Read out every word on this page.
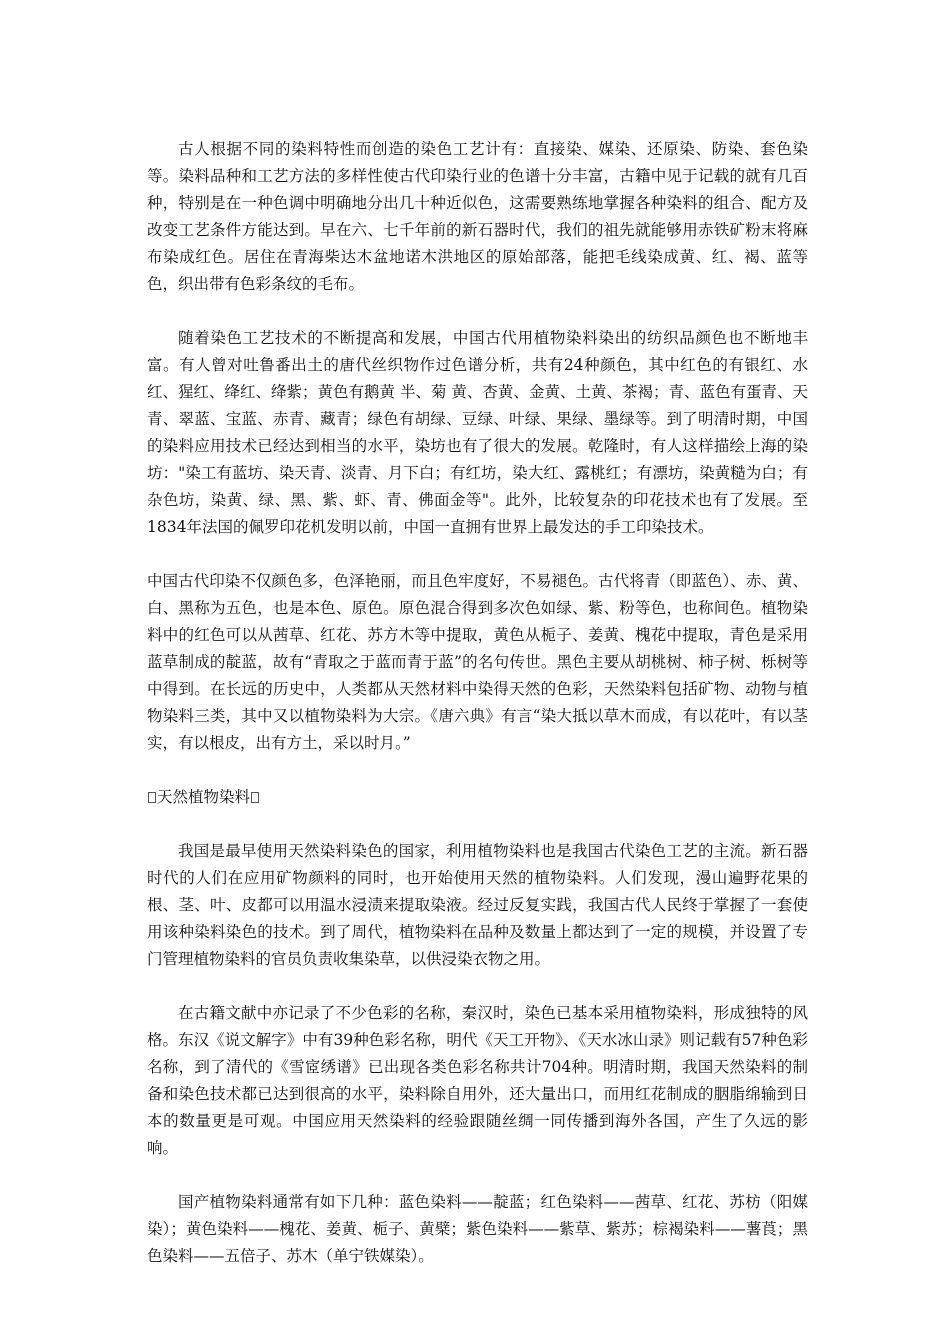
古人根据不同的染料特性而创造的染色工艺计有：直接染、媒染、还原染、防染、套色染等。染料品种和工艺方法的多样性使古代印染行业的色谱十分丰富，古籍中见于记载的就有几百种，特别是在一种色调中明确地分出几十种近似色，这需要熟练地掌握各种染料的组合、配方及改变工艺条件方能达到。早在六、七千年前的新石器时代，我们的祖先就能够用赤铁矿粉末将麻布染成红色。居住在青海柴达木盆地诺木洪地区的原始部落，能把毛线染成黄、红、褐、蓝等色，织出带有色彩条纹的毛布。

随着染色工艺技术的不断提高和发展，中国古代用植物染料染出的纺织品颜色也不断地丰富。有人曾对吐鲁番出土的唐代丝织物作过色谱分析，共有24种颜色，其中红色的有银红、水红、猩红、绛红、绛紫；黄色有鹅黄 半、菊 黄、杏黄、金黄、土黄、茶褐；青、蓝色有蛋青、天青、翠蓝、宝蓝、赤青、藏青；绿色有胡绿、豆绿、叶绿、果绿、墨绿等。到了明清时期，中国的染料应用技术已经达到相当的水平，染坊也有了很大的发展。乾隆时，有人这样描绘上海的染坊："染工有蓝坊、染天青、淡青、月下白；有红坊，染大红、露桃红；有漂坊，染黄糙为白；有杂色坊，染黄、绿、黑、紫、虾、青、佛面金等"。此外，比较复杂的印花技术也有了发展。至1834年法国的佩罗印花机发明以前，中国一直拥有世界上最发达的手工印染技术。

中国古代印染不仅颜色多，色泽艳丽，而且色牢度好，不易褪色。古代将青（即蓝色）、赤、黄、白、黑称为五色，也是本色、原色。原色混合得到多次色如绿、紫、粉等色，也称间色。植物染料中的红色可以从茜草、红花、苏方木等中提取，黄色从栀子、姜黄、槐花中提取，青色是采用蓝草制成的靛蓝，故有“青取之于蓝而青于蓝”的名句传世。黑色主要从胡桃树、柿子树、栎树等中得到。在长远的历史中，人类都从天然材料中染得天然的色彩，天然染料包括矿物、动物与植物染料三类，其中又以植物染料为大宗。《唐六典》有言“染大抵以草木而成，有以花叶，有以茎实，有以根皮，出有方土，采以时月。”

天然植物染料

我国是最早使用天然染料染色的国家，利用植物染料也是我国古代染色工艺的主流。新石器时代的人们在应用矿物颜料的同时，也开始使用天然的植物染料。人们发现，漫山遍野花果的根、茎、叶、皮都可以用温水浸渍来提取染液。经过反复实践，我国古代人民终于掌握了一套使用该种染料染色的技术。到了周代，植物染料在品种及数量上都达到了一定的规模，并设置了专门管理植物染料的官员负责收集染草，以供浸染衣物之用。

在古籍文献中亦记录了不少色彩的名称，秦汉时，染色已基本采用植物染料，形成独特的风格。东汉《说文解字》中有39种色彩名称，明代《天工开物》、《天水冰山录》则记载有57种色彩名称，到了清代的《雪宧绣谱》已出现各类色彩名称共计704种。明清时期，我国天然染料的制备和染色技术都已达到很高的水平，染料除自用外，还大量出口，而用红花制成的胭脂绵输到日本的数量更是可观。中国应用天然染料的经验跟随丝绸一同传播到海外各国，产生了久远的影响。

国产植物染料通常有如下几种：蓝色染料——靛蓝；红色染料——茜草、红花、苏枋（阳媒染）；黄色染料——槐花、姜黄、栀子、黄檗；紫色染料——紫草、紫苏；棕褐染料——薯莨；黑色染料——五倍子、苏木（单宁铁媒染）。
